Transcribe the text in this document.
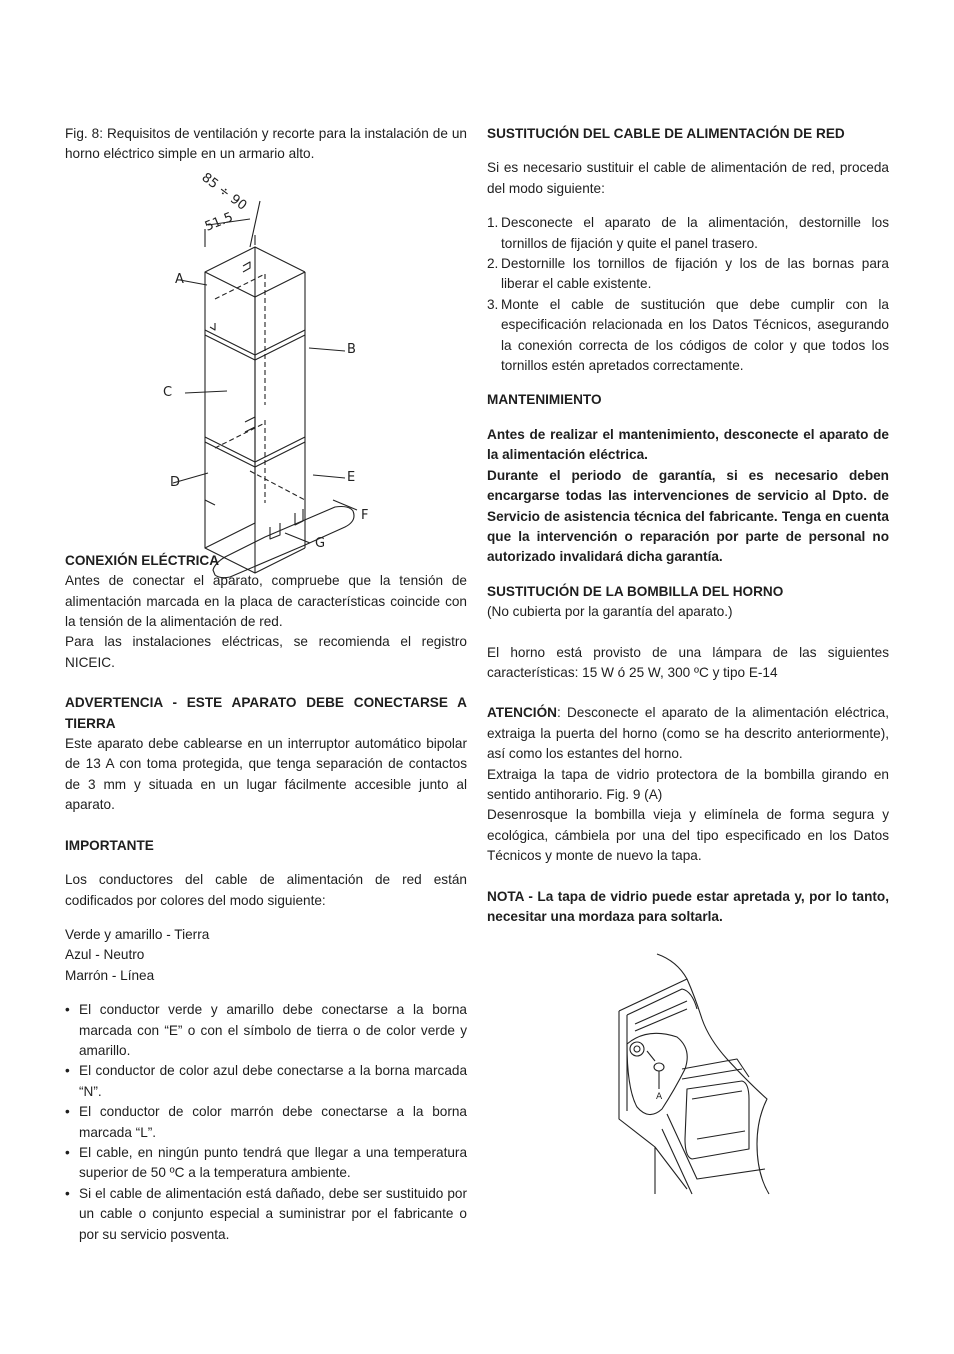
Fig. 8: Requisitos de ventilación y recorte para la instalación de un horno eléctrico simple en un armario alto.

A
B
C
D	E
F
G
85 ÷ 90
51.5

CONEXIÓN ELÉCTRICA

Antes de conectar el aparato, compruebe que la tensión de alimentación marcada en la placa de características coincide con la tensión de la alimentación de red.

Para las instalaciones eléctricas, se recomienda el registro NICEIC.

ADVERTENCIA - ESTE APARATO DEBE CONECTARSE A TIERRA

Este aparato debe cablearse en un interruptor automático bipolar de 13 A con toma protegida, que tenga separación de contactos de 3 mm y situada en un lugar fácilmente accesible junto al aparato.

IMPORTANTE

Los conductores del cable de alimentación de red están codificados por colores del modo siguiente:

Verde y amarillo - Tierra

Azul - Neutro

Marrón - Línea

• El conductor verde y amarillo debe conectarse a la borna marcada con “E” o con el símbolo de tierra o de color verde y amarillo.
• El conductor de color azul debe conectarse a la borna marcada “N”.
• El conductor de color marrón debe conectarse a la borna marcada “L”.
• El cable, en ningún punto tendrá que llegar a una temperatura superior de 50 ºC a la temperatura ambiente.
• Si el cable de alimentación está dañado, debe ser sustituido por un cable o conjunto especial a suministrar por el fabricante o por su servicio posventa.

SUSTITUCIÓN DEL CABLE DE ALIMENTACIÓN DE RED

Si es necesario sustituir el cable de alimentación de red, proceda del modo siguiente:

1. Desconecte el aparato de la alimentación, destornille los tornillos de fijación y quite el panel trasero.
2. Destornille los tornillos de fijación y los de las bornas para liberar el cable existente.
3. Monte el cable de sustitución que debe cumplir con la especificación relacionada en los Datos Técnicos, asegurando la conexión correcta de los códigos de color y que todos los tornillos estén apretados correctamente.

MANTENIMIENTO

Antes de realizar el mantenimiento, desconecte el aparato de la alimentación eléctrica.

Durante el periodo de garantía, si es necesario deben encargarse todas las intervenciones de servicio al Dpto. de Servicio de asistencia técnica del fabricante. Tenga en cuenta que la intervención o reparación por parte de personal no autorizado invalidará dicha garantía.

SUSTITUCIÓN DE LA BOMBILLA DEL HORNO

(No cubierta por la garantía del aparato.)

El horno está provisto de una lámpara de las siguientes características: 15 W ó 25 W, 300 ºC y tipo E-14

ATENCIÓN: Desconecte el aparato de la alimentación eléctrica, extraiga la puerta del horno (como se ha descrito anteriormente), así como los estantes del horno.

Extraiga la tapa de vidrio protectora de la bombilla girando en sentido antihorario. Fig. 9 (A)

Desenrosque la bombilla vieja y elimínela de forma segura y ecológica, cámbiela por una del tipo especificado en los Datos Técnicos y monte de nuevo la tapa.

NOTA - La tapa de vidrio puede estar apretada y, por lo tanto, necesitar una mordaza para soltarla.

A
